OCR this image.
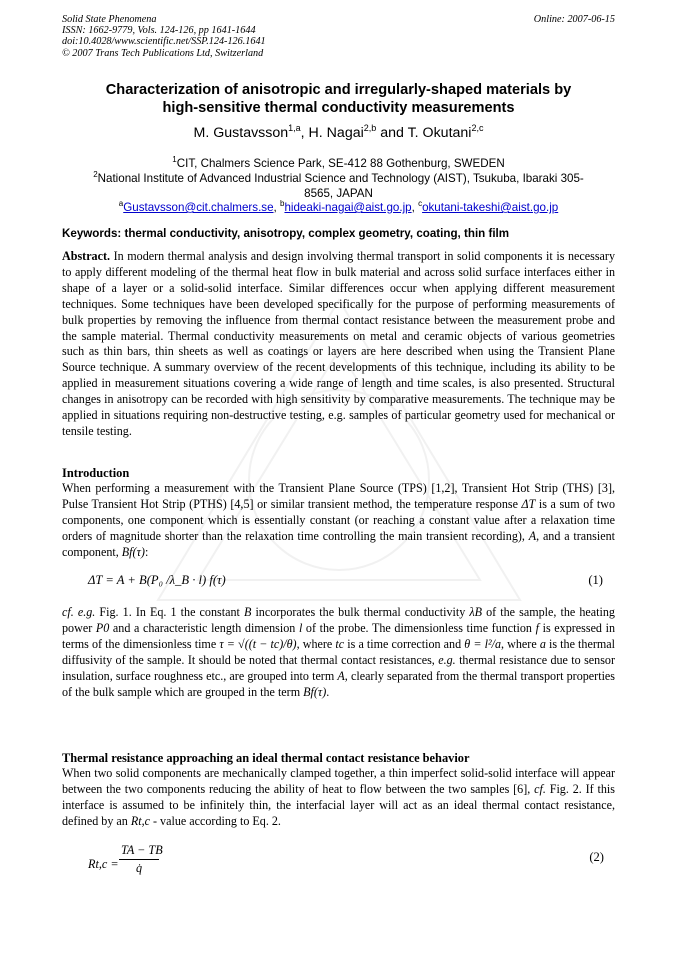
Solid State Phenomena
ISSN: 1662-9779, Vols. 124-126, pp 1641-1644
doi:10.4028/www.scientific.net/SSP.124-126.1641
© 2007 Trans Tech Publications Ltd, Switzerland
Online: 2007-06-15
Characterization of anisotropic and irregularly-shaped materials by
high-sensitive thermal conductivity measurements
M. Gustavsson$^{1,a}$, H. Nagai$^{2,b}$ and T. Okutani$^{2,c}$
$^1$CIT, Chalmers Science Park, SE-412 88 Gothenburg, SWEDEN
$^2$National Institute of Advanced Industrial Science and Technology (AIST), Tsukuba, Ibaraki 305-
8565, JAPAN
$^a$Gustavsson@cit.chalmers.se, $^b$hideaki-nagai@aist.go.jp, $^c$okutani-takeshi@aist.go.jp
Keywords: thermal conductivity, anisotropy, complex geometry, coating, thin film

Abstract. In modern thermal analysis and design involving thermal transport in solid components it is necessary to apply different modeling of the thermal heat flow in bulk material and across solid surface interfaces either in shape of a layer or a solid-solid interface. Similar differences occur when applying different measurement techniques. Some techniques have been developed specifically for the purpose of performing measurements of bulk properties by removing the influence from thermal contact resistance between the measurement probe and the sample material. Thermal conductivity measurements on metal and ceramic objects of various geometries such as thin bars, thin sheets as well as coatings or layers are here described when using the Transient Plane Source technique. A summary overview of the recent developments of this technique, including its ability to be applied in measurement situations covering a wide range of length and time scales, is also presented. Structural changes in anisotropy can be recorded with high sensitivity by comparative measurements. The technique may be applied in situations requiring non-destructive testing, e.g. samples of particular geometry used for mechanical or tensile testing.

Introduction

When performing a measurement with the Transient Plane Source (TPS) [1,2], Transient Hot Strip (THS) [3], Pulse Transient Hot Strip (PTHS) [4,5] or similar transient method, the temperature response ΔT is a sum of two components, one component which is essentially constant (or reaching a constant value after a relaxation time orders of magnitude shorter than the relaxation time controlling the main transient recording), A, and a transient component, Bf(τ):

ΔT = A + B(P₀ /λ_B · l) f(τ)	(1)

cf. e.g. Fig. 1. In Eq. 1 the constant B incorporates the bulk thermal conductivity λB of the sample, the heating power P0 and a characteristic length dimension l of the probe. The dimensionless time function f is expressed in terms of the dimensionless time τ = √((t − tc)/θ), where tc is a time correction and θ = l²/a, where a is the thermal diffusivity of the sample. It should be noted that thermal contact resistances, e.g. thermal resistance due to sensor insulation, surface roughness etc., are grouped into term A, clearly separated from the thermal transport properties of the bulk sample which are grouped in the term Bf(τ).

Thermal resistance approaching an ideal thermal contact resistance behavior

When two solid components are mechanically clamped together, a thin imperfect solid-solid interface will appear between the two components reducing the ability of heat to flow between the two samples [6], cf. Fig. 2. If this interface is assumed to be infinitely thin, the interfacial layer will act as an ideal thermal contact resistance, defined by an Rt,c - value according to Eq. 2.

Rt,c =
TA − TB
q̇
(2)
